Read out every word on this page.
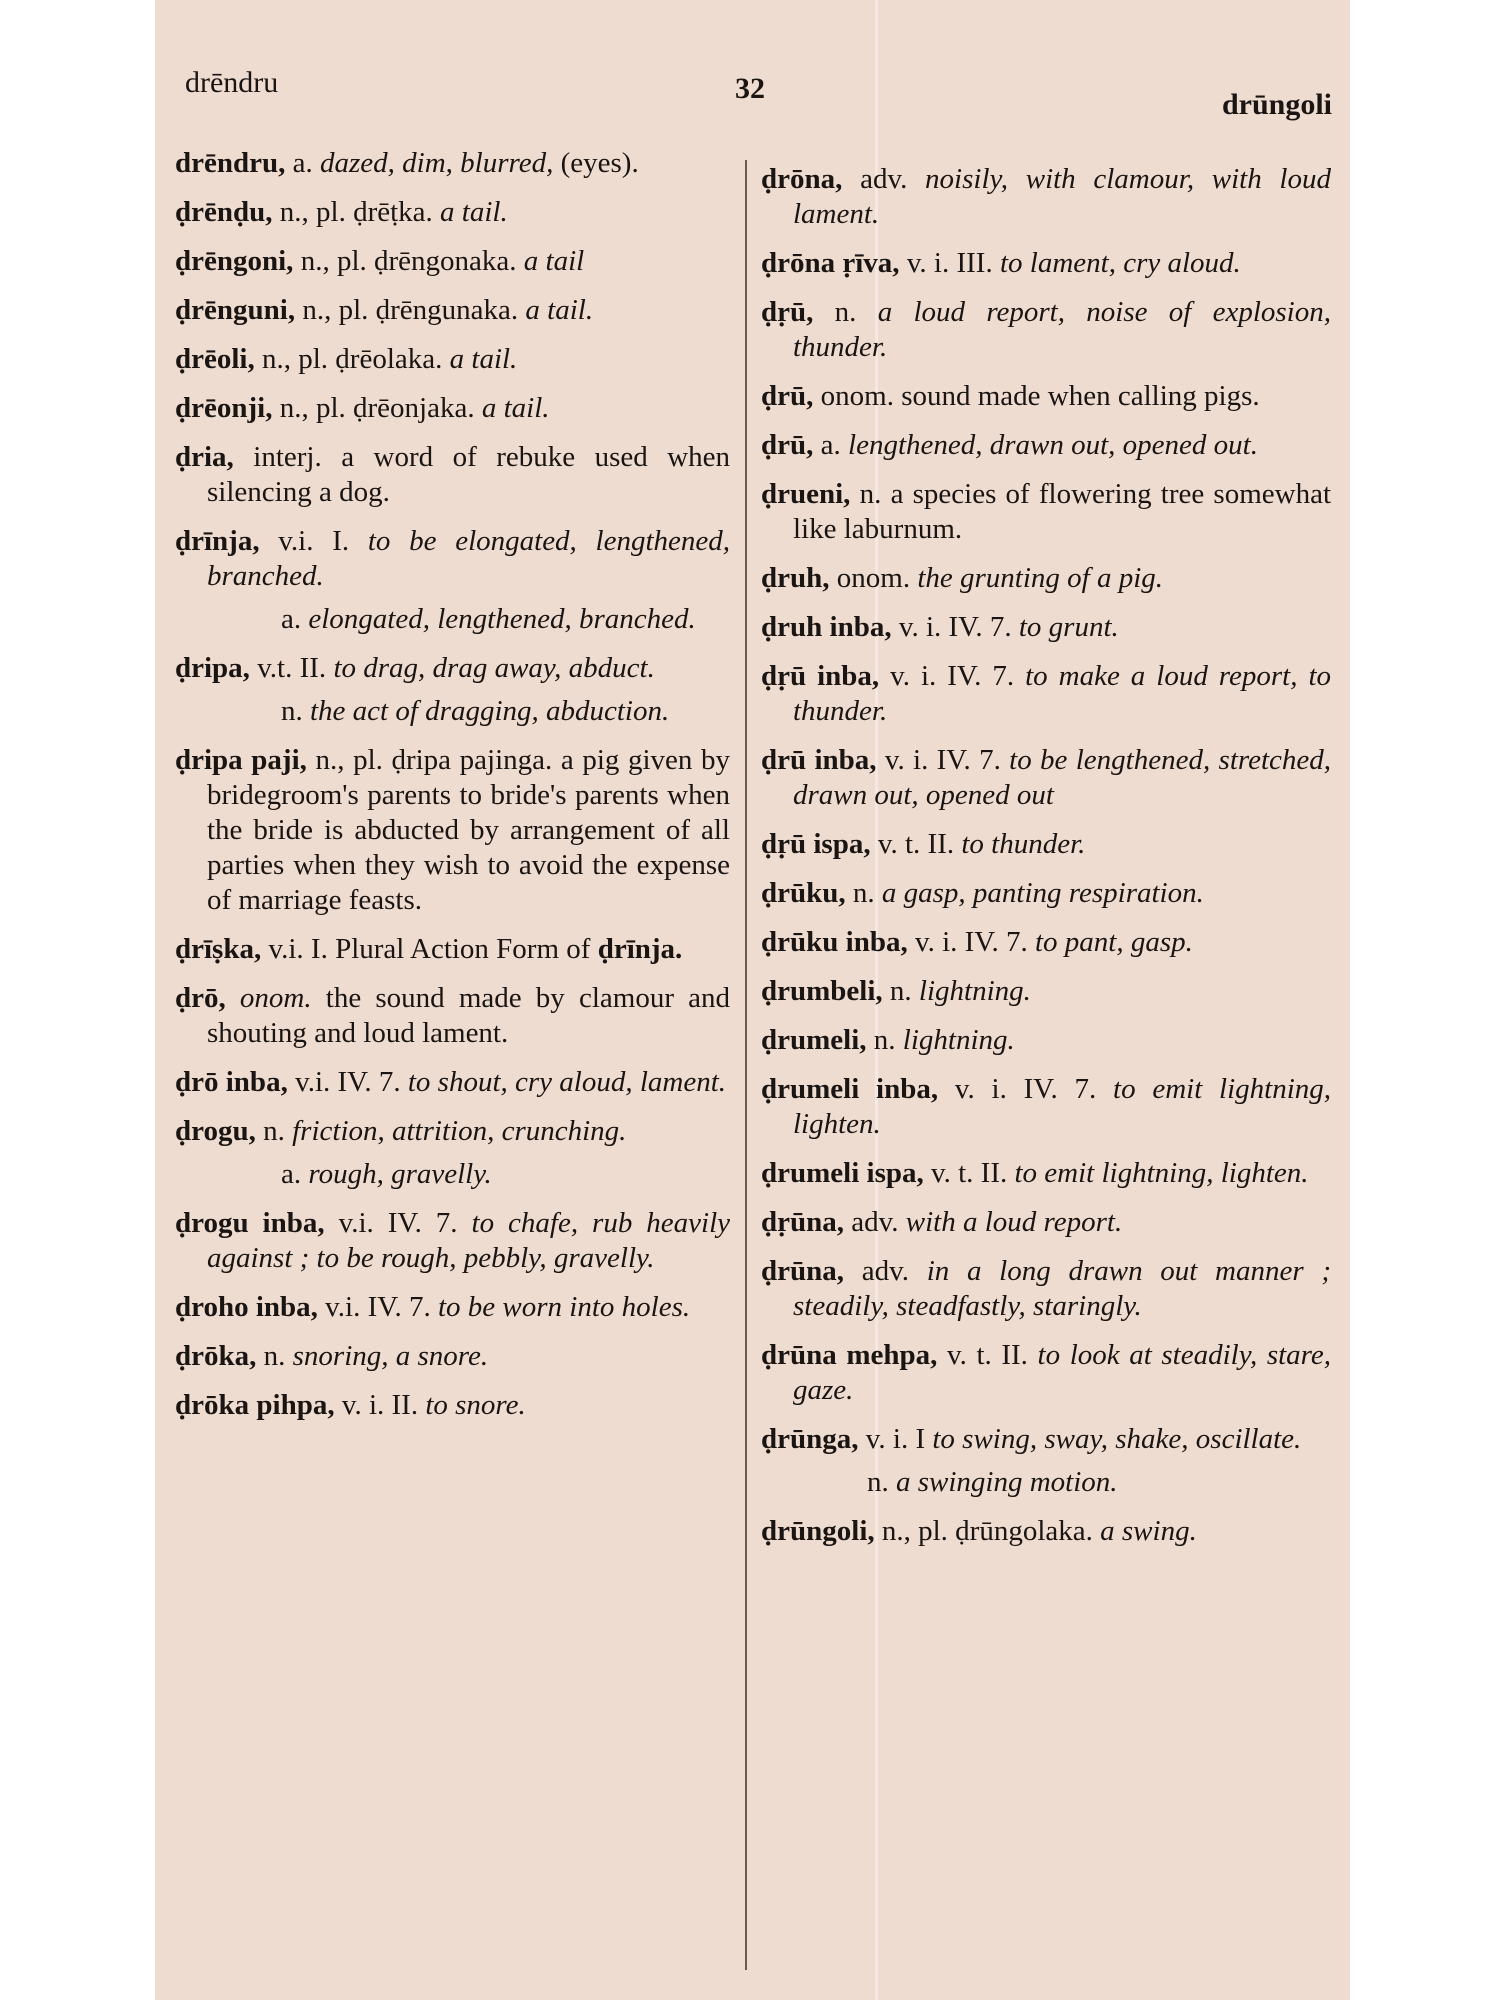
drēndru	32	drūngoli

drēndru, a. dazed, dim, blurred, (eyes).

ḍrēnḍu, n., pl. ḍrēṭka. a tail.

ḍrēngoni, n., pl. ḍrēngonaka. a tail

ḍrēnguni, n., pl. ḍrēngunaka. a tail.

ḍrēoli, n., pl. ḍrēolaka. a tail.

ḍrēonji, n., pl. ḍrēonjaka. a tail.

ḍria, interj. a word of rebuke used when silencing a dog.

ḍrīnja, v.i. I. to be elongated, lengthened, branched.

a. elongated, lengthened, branched.

ḍripa, v.t. II. to drag, drag away, abduct.

n. the act of dragging, abduction.

ḍripa paji, n., pl. ḍripa pajinga. a pig given by bridegroom's parents to bride's parents when the bride is abducted by arrangement of all parties when they wish to avoid the expense of marriage feasts.

ḍrīṣka, v.i. I. Plural Action Form of ḍrīnja.

ḍrō, onom. the sound made by clamour and shouting and loud lament.

ḍrō inba, v.i. IV. 7. to shout, cry aloud, lament.

ḍrogu, n. friction, attrition, crunching.

a. rough, gravelly.

ḍrogu inba, v.i. IV. 7. to chafe, rub heavily against ; to be rough, pebbly, gravelly.

ḍroho inba, v.i. IV. 7. to be worn into holes.

ḍrōka, n. snoring, a snore.

ḍrōka pihpa, v. i. II. to snore.

ḍrōna, adv. noisily, with clamour, with loud lament.

ḍrōna ṛīva, v. i. III. to lament, cry aloud.

ḍṛū, n. a loud report, noise of explosion, thunder.

ḍrū, onom. sound made when calling pigs.

ḍrū, a. lengthened, drawn out, opened out.

ḍrueni, n. a species of flowering tree somewhat like laburnum.

ḍruh, onom. the grunting of a pig.

ḍruh inba, v. i. IV. 7. to grunt.

ḍṛū inba, v. i. IV. 7. to make a loud report, to thunder.

ḍrū inba, v. i. IV. 7. to be lengthened, stretched, drawn out, opened out

ḍṛū ispa, v. t. II. to thunder.

ḍrūku, n. a gasp, panting respiration.

ḍrūku inba, v. i. IV. 7. to pant, gasp.

ḍrumbeli, n. lightning.

ḍrumeli, n. lightning.

ḍrumeli inba, v. i. IV. 7. to emit lightning, lighten.

ḍrumeli ispa, v. t. II. to emit lightning, lighten.

ḍṛūna, adv. with a loud report.

ḍrūna, adv. in a long drawn out manner ; steadily, steadfastly, staringly.

ḍrūna mehpa, v. t. II. to look at steadily, stare, gaze.

ḍrūnga, v. i. I to swing, sway, shake, oscillate.

n. a swinging motion.

ḍrūngoli, n., pl. ḍrūngolaka. a swing.
